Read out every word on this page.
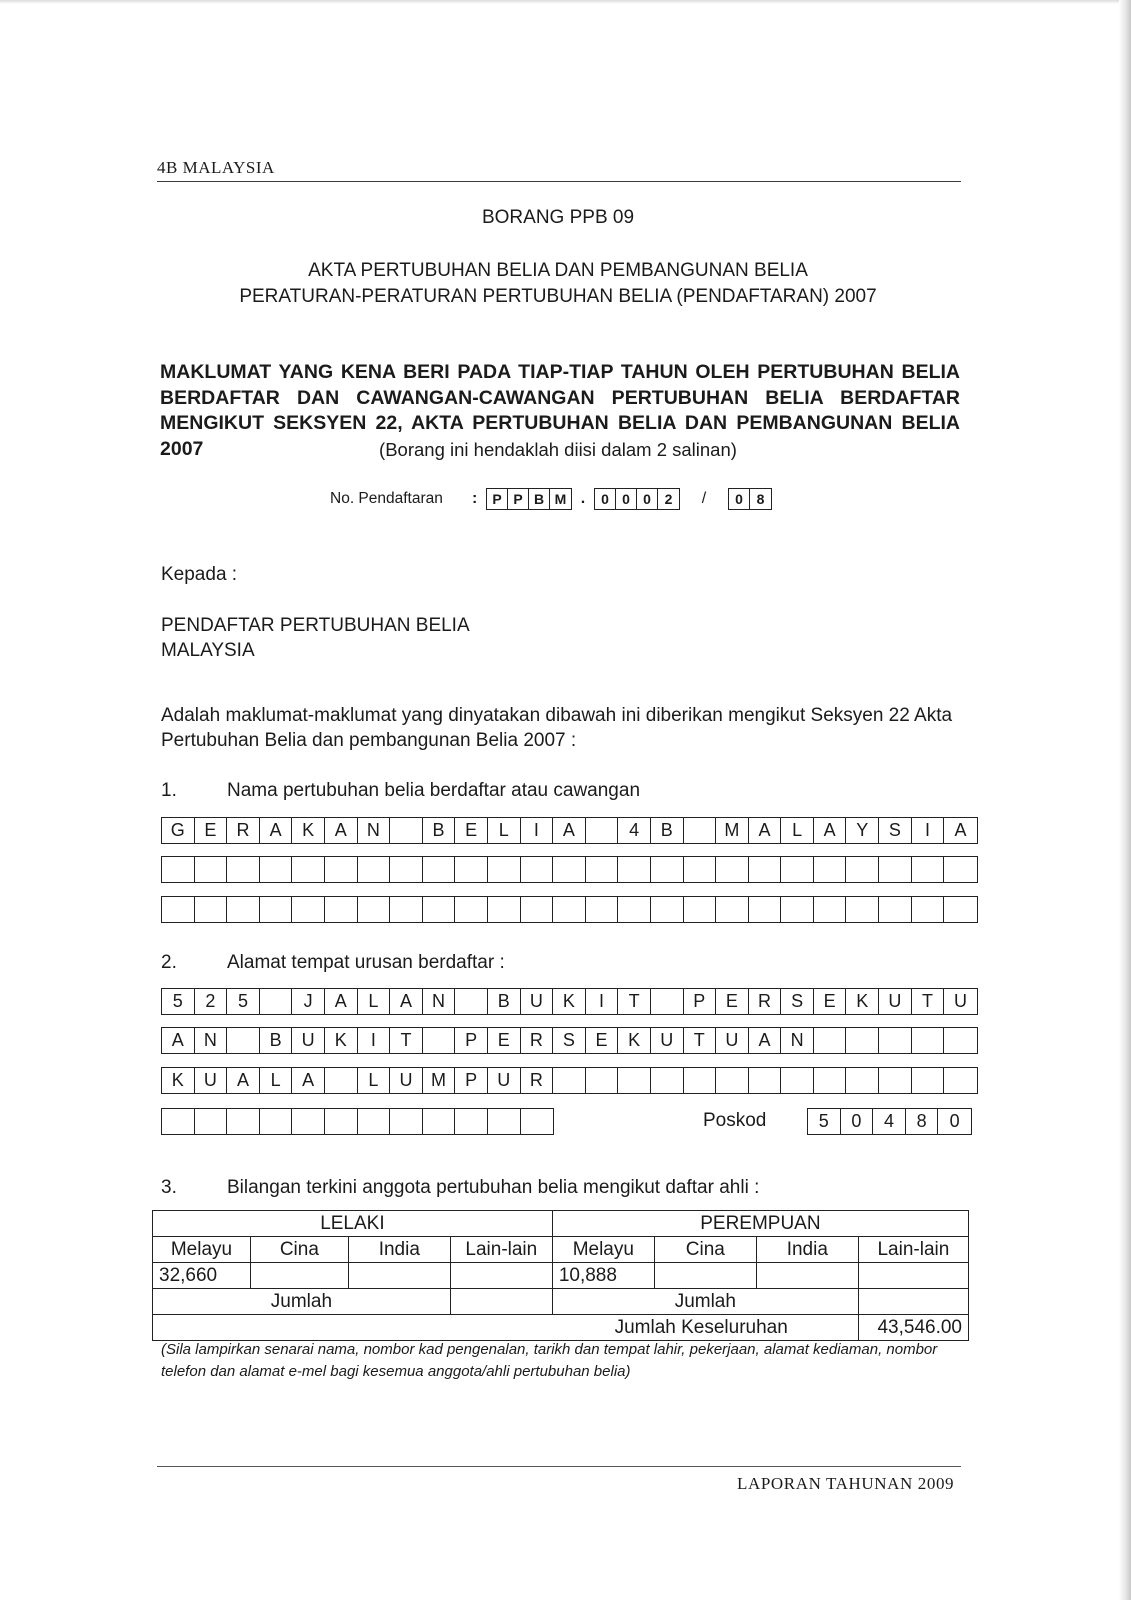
4B MALAYSIA
BORANG PPB 09
AKTA PERTUBUHAN BELIA DAN PEMBANGUNAN BELIA
PERATURAN-PERATURAN PERTUBUHAN BELIA (PENDAFTARAN) 2007
MAKLUMAT YANG KENA BERI PADA TIAP-TIAP TAHUN OLEH PERTUBUHAN BELIA
BERDAFTAR DAN CAWANGAN-CAWANGAN PERTUBUHAN BELIA BERDAFTAR
MENGIKUT SEKSYEN 22, AKTA PERTUBUHAN BELIA DAN PEMBANGUNAN BELIA 2007	(Borang ini hendaklah diisi dalam 2 salinan)
No. Pendaftaran	:	P P B M .	0 0 0 2	/	0 8
Kepada :
PENDAFTAR PERTUBUHAN BELIA
MALAYSIA
Adalah maklumat-maklumat yang dinyatakan dibawah ini diberikan mengikut Seksyen 22 Akta
Pertubuhan Belia dan pembangunan Belia 2007 :
1.	Nama pertubuhan belia berdaftar atau cawangan
G	E	R	A	K	A	N	B	E	L	I	A	4	B	M	A	L	A	Y	S	I	A
2.	Alamat tempat urusan berdaftar :
5	2	5	J	A	L	A	N	B	U	K	I	T	P	E	R	S	E	K	U	T	U
A	N	B	U	K	I	T	P	E	R	S	E	K	U	T	U	A	N
K	U	A	L	A	L	U	M	P	U	R
Poskod	5	0	4	8	0
3.	Bilangan terkini anggota pertubuhan belia mengikut daftar ahli :
LELAKI				PEREMPUAN			
Melayu	Cina	India	Lain-lain	Melayu	Cina	India	Lain-lain
32,660				10,888			
Jumlah				Jumlah			
Jumlah Keseluruhan							43,546.00
(Sila lampirkan senarai nama, nombor kad pengenalan, tarikh dan tempat lahir, pekerjaan, alamat kediaman, nombor
telefon dan alamat e-mel bagi kesemua anggota/ahli pertubuhan belia)
LAPORAN TAHUNAN 2009
